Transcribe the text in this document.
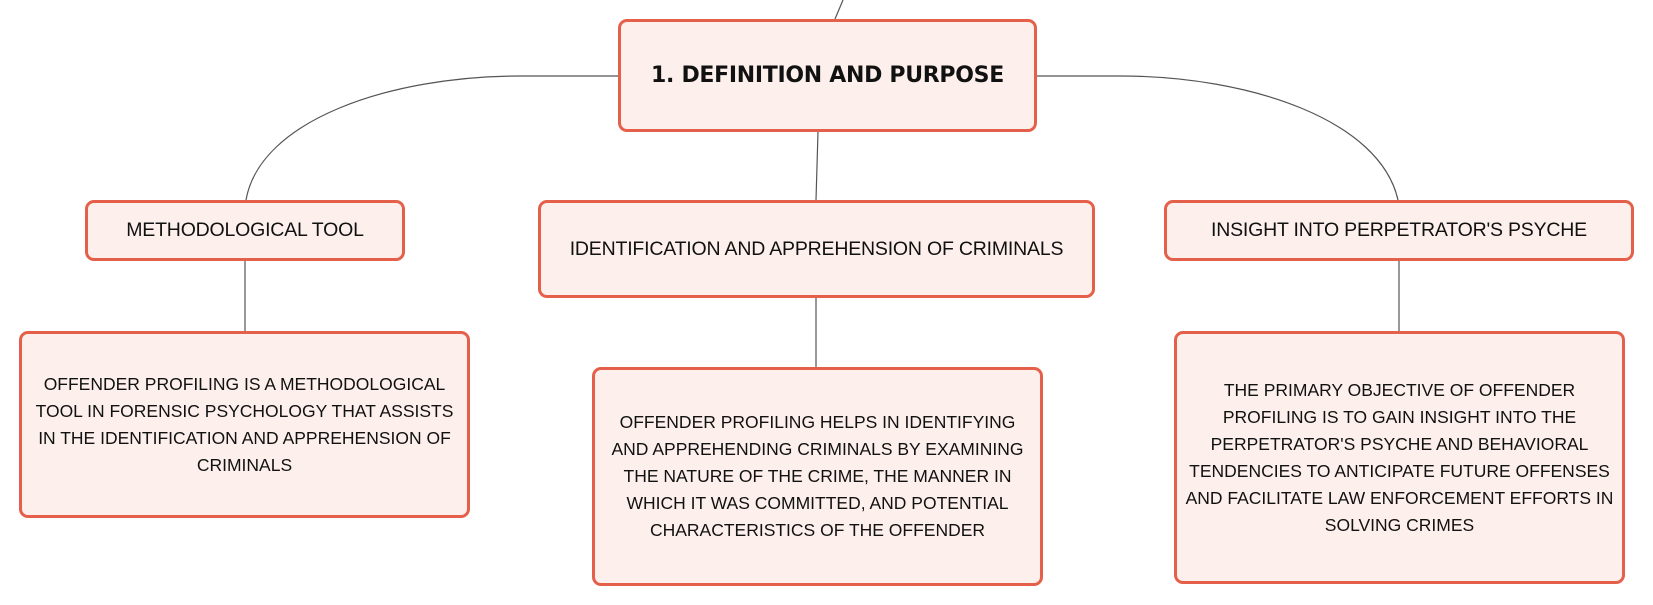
1. DEFINITION AND PURPOSE
METHODOLOGICAL TOOL
IDENTIFICATION AND APPREHENSION OF CRIMINALS
INSIGHT INTO PERPETRATOR'S PSYCHE
OFFENDER PROFILING IS A METHODOLOGICAL TOOL IN FORENSIC PSYCHOLOGY THAT ASSISTS IN THE IDENTIFICATION AND APPREHENSION OF CRIMINALS
OFFENDER PROFILING HELPS IN IDENTIFYING AND APPREHENDING CRIMINALS BY EXAMINING THE NATURE OF THE CRIME, THE MANNER IN WHICH IT WAS COMMITTED, AND POTENTIAL CHARACTERISTICS OF THE OFFENDER
THE PRIMARY OBJECTIVE OF OFFENDER PROFILING IS TO GAIN INSIGHT INTO THE PERPETRATOR'S PSYCHE AND BEHAVIORAL TENDENCIES TO ANTICIPATE FUTURE OFFENSES AND FACILITATE LAW ENFORCEMENT EFFORTS IN SOLVING CRIMES
